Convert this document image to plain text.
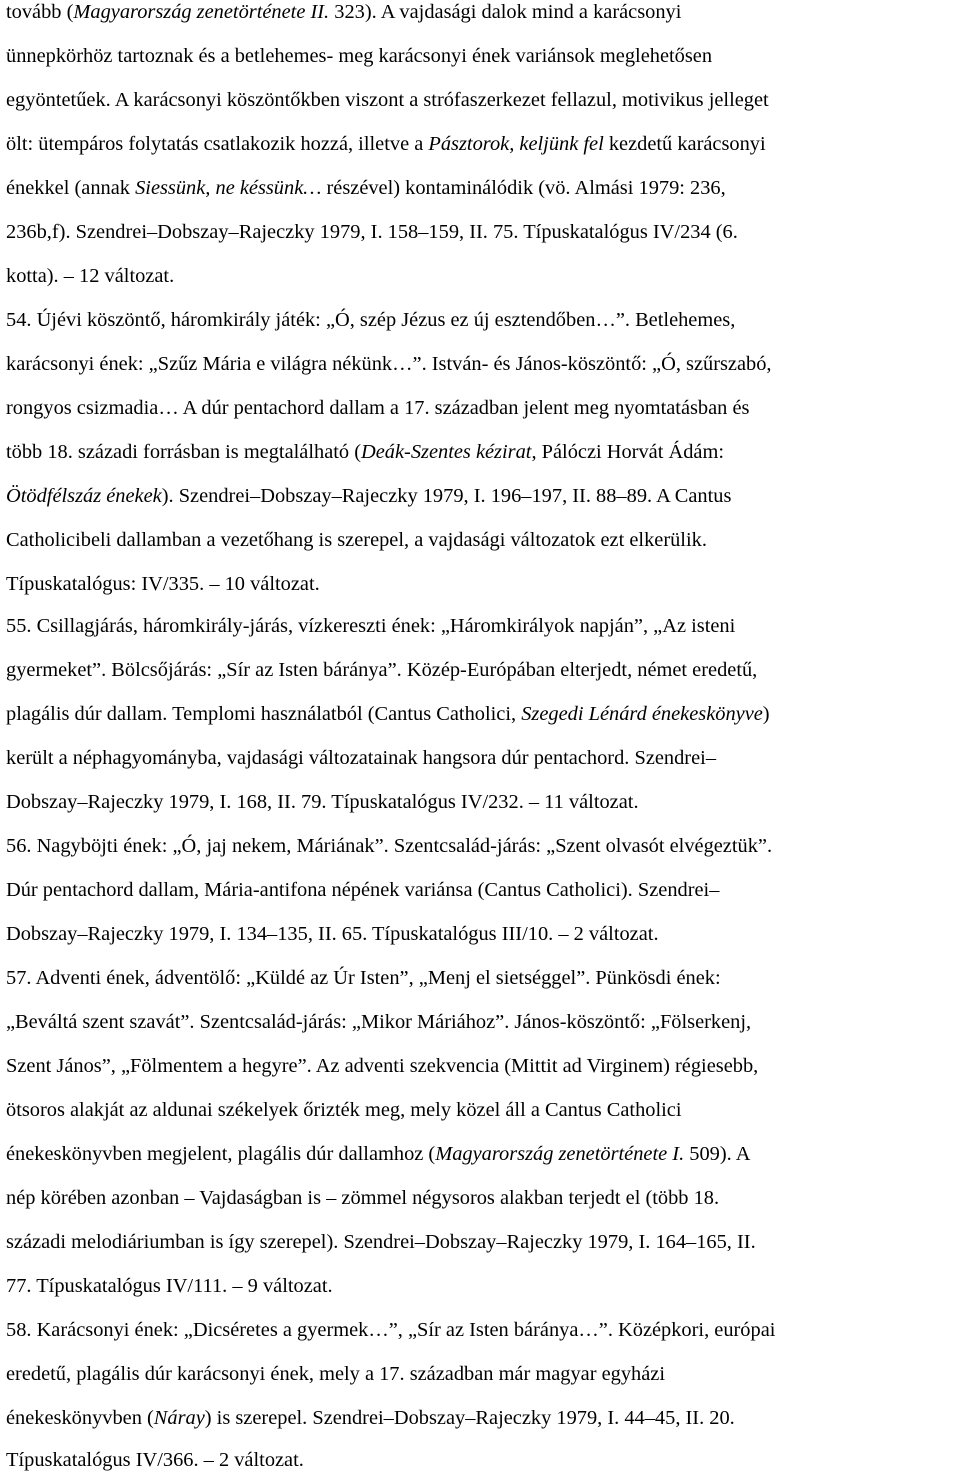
tovább (Magyarország zenetörténete II. 323). A vajdasági dalok mind a karácsonyi
ünnepkörhöz tartoznak és a betlehemes- meg karácsonyi ének variánsok meglehetősen
egyöntetűek. A karácsonyi köszöntőkben viszont a strófaszerkezet fellazul, motivikus jelleget
ölt: ütempáros folytatás csatlakozik hozzá, illetve a Pásztorok, keljünk fel kezdetű karácsonyi
énekkel (annak Siessünk, ne késsünk… részével) kontaminálódik (vö. Almási 1979: 236,
236b,f). Szendrei–Dobszay–Rajeczky 1979, I. 158–159, II. 75. Típuskatalógus IV/234 (6.
kotta). – 12 változat.
54. Újévi köszöntő, háromkirály játék: „Ó, szép Jézus ez új esztendőben…”. Betlehemes,
karácsonyi ének: „Szűz Mária e világra nékünk…”. István- és János-köszöntő: „Ó, szűrszabó,
rongyos csizmadia… A dúr pentachord dallam a 17. században jelent meg nyomtatásban és
több 18. századi forrásban is megtalálható (Deák-Szentes kézirat, Pálóczi Horvát Ádám:
Ötödfélszáz énekek). Szendrei–Dobszay–Rajeczky 1979, I. 196–197, II. 88–89. A Cantus
Catholicibeli dallamban a vezetőhang is szerepel, a vajdasági változatok ezt elkerülik.
Típuskatalógus: IV/335. – 10 változat.
55. Csillagjárás, háromkirály-járás, vízkereszti ének: „Háromkirályok napján”, „Az isteni
gyermeket”. Bölcsőjárás: „Sír az Isten báránya”. Közép-Európában elterjedt, német eredetű,
plagális dúr dallam. Templomi használatból (Cantus Catholici, Szegedi Lénárd énekeskönyve)
került a néphagyományba, vajdasági változatainak hangsora dúr pentachord. Szendrei–
Dobszay–Rajeczky 1979, I. 168, II. 79. Típuskatalógus IV/232. – 11 változat.
56. Nagyböjti ének: „Ó, jaj nekem, Máriának”. Szentcsalád-járás: „Szent olvasót elvégeztük”.
Dúr pentachord dallam, Mária-antifona népének variánsa (Cantus Catholici). Szendrei–
Dobszay–Rajeczky 1979, I. 134–135, II. 65. Típuskatalógus III/10. – 2 változat.
57. Adventi ének, ádventölő: „Küldé az Úr Isten”, „Menj el sietséggel”. Pünkösdi ének:
„Beváltá szent szavát”. Szentcsalád-járás: „Mikor Máriához”. János-köszöntő: „Fölserkenj,
Szent János”, „Fölmentem a hegyre”. Az adventi szekvencia (Mittit ad Virginem) régiesebb,
ötsoros alakját az aldunai székelyek őrizték meg, mely közel áll a Cantus Catholici
énekeskönyvben megjelent, plagális dúr dallamhoz (Magyarország zenetörténete I. 509). A
nép körében azonban – Vajdaságban is – zömmel négysoros alakban terjedt el (több 18.
századi melodiáriumban is így szerepel). Szendrei–Dobszay–Rajeczky 1979, I. 164–165, II.
77. Típuskatalógus IV/111. – 9 változat.
58. Karácsonyi ének: „Dicséretes a gyermek…”, „Sír az Isten báránya…”. Középkori, európai
eredetű, plagális dúr karácsonyi ének, mely a 17. században már magyar egyházi
énekeskönyvben (Náray) is szerepel. Szendrei–Dobszay–Rajeczky 1979, I. 44–45, II. 20.
Típuskatalógus IV/366. – 2 változat.
